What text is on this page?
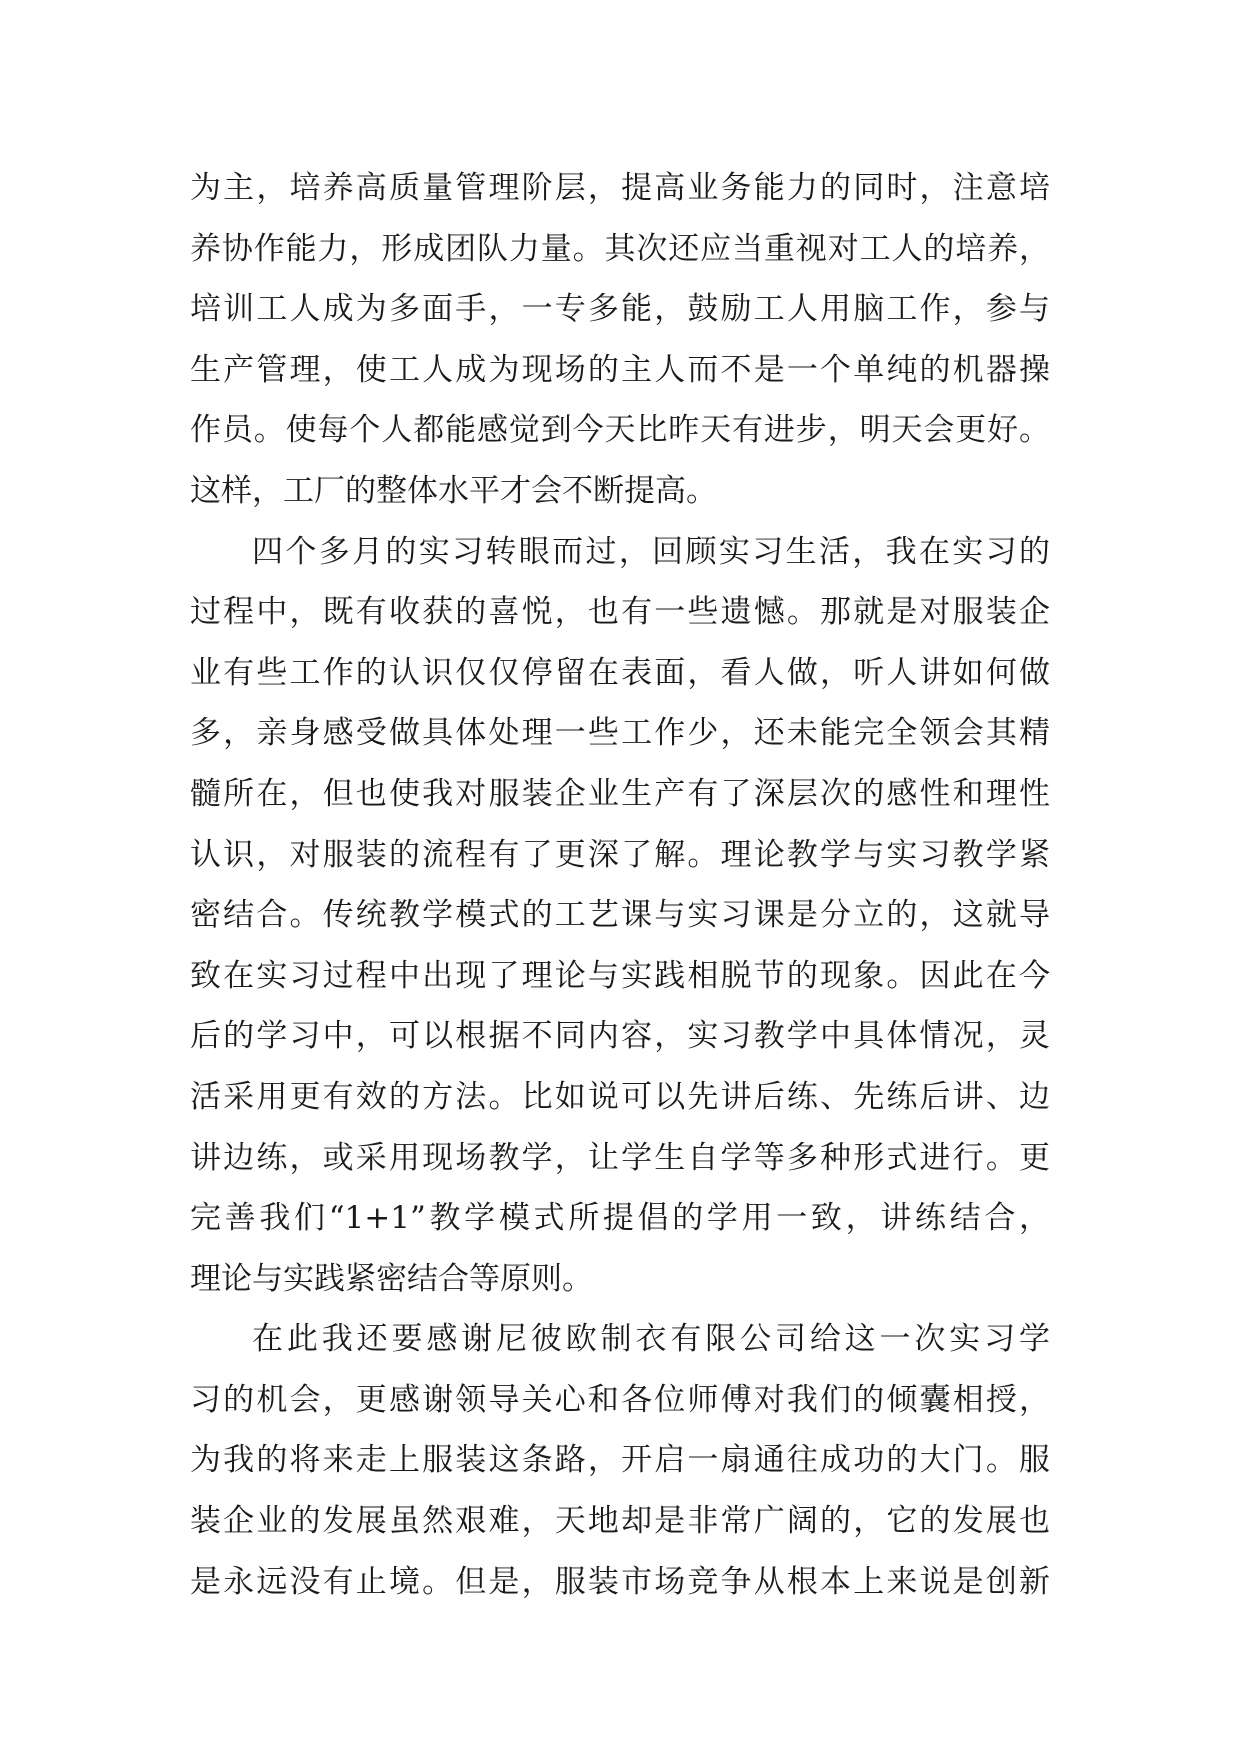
为主，培养高质量管理阶层，提高业务能力的同时，注意培
养协作能力，形成团队力量。其次还应当重视对工人的培养，
培训工人成为多面手，一专多能，鼓励工人用脑工作，参与
生产管理，使工人成为现场的主人而不是一个单纯的机器操
作员。使每个人都能感觉到今天比昨天有进步，明天会更好。
这样，工厂的整体水平才会不断提高。
四个多月的实习转眼而过，回顾实习生活，我在实习的
过程中，既有收获的喜悦，也有一些遗憾。那就是对服装企
业有些工作的认识仅仅停留在表面，看人做，听人讲如何做
多，亲身感受做具体处理一些工作少，还未能完全领会其精
髓所在，但也使我对服装企业生产有了深层次的感性和理性
认识，对服装的流程有了更深了解。理论教学与实习教学紧
密结合。传统教学模式的工艺课与实习课是分立的，这就导
致在实习过程中出现了理论与实践相脱节的现象。因此在今
后的学习中，可以根据不同内容，实习教学中具体情况，灵
活采用更有效的方法。比如说可以先讲后练、先练后讲、边
讲边练，或采用现场教学，让学生自学等多种形式进行。更
完善我们“1+1”教学模式所提倡的学用一致，讲练结合，
理论与实践紧密结合等原则。
在此我还要感谢尼彼欧制衣有限公司给这一次实习学
习的机会，更感谢领导关心和各位师傅对我们的倾囊相授，
为我的将来走上服装这条路，开启一扇通往成功的大门。服
装企业的发展虽然艰难，天地却是非常广阔的，它的发展也
是永远没有止境。但是，服装市场竞争从根本上来说是创新
